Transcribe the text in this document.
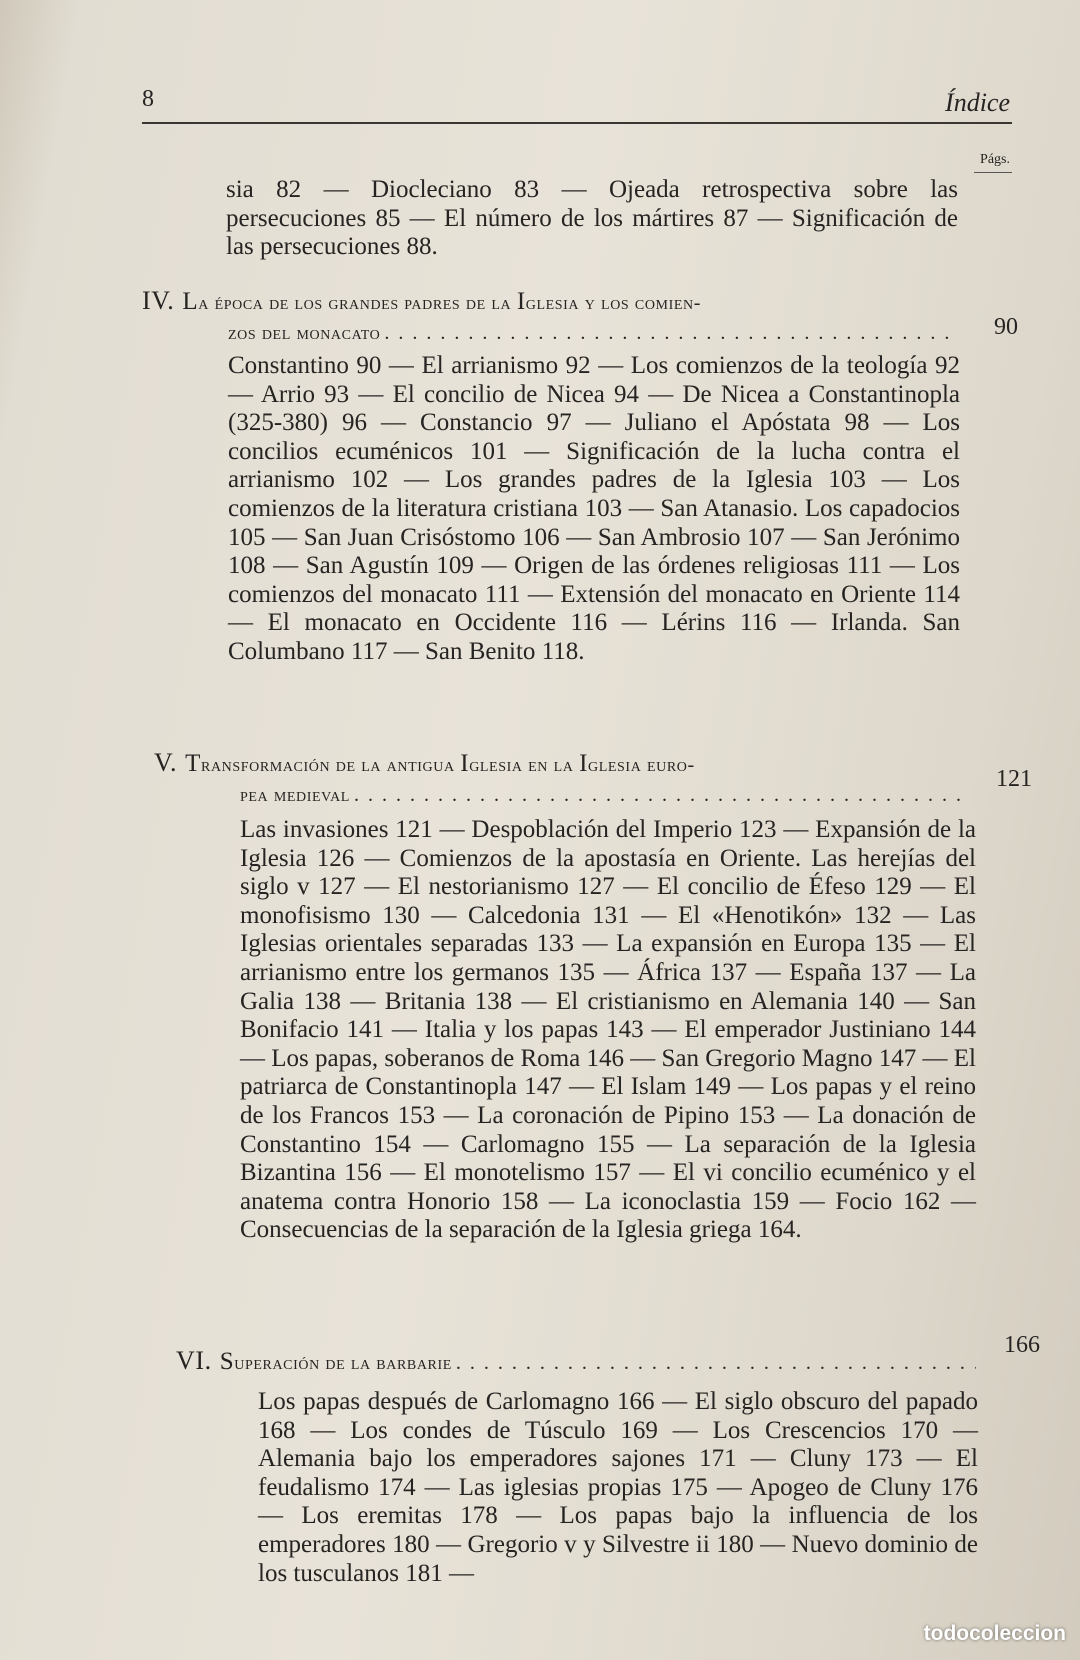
8	Índice
Págs.
sia 82 — Diocleciano 83 — Ojeada retrospectiva sobre las persecuciones 85 — El número de los mártires 87 — Significación de las persecuciones 88.
IV. La época de los grandes padres de la Iglesia y los comien-
zos del monacato
. . .	90
Constantino 90 — El arrianismo 92 — Los comienzos de la teología 92 — Arrio 93 — El concilio de Nicea 94 — De Nicea a Constantinopla (325-380) 96 — Constancio 97 — Juliano el Apóstata 98 — Los concilios ecuménicos 101 — Significación de la lucha contra el arrianismo 102 — Los grandes padres de la Iglesia 103 — Los comienzos de la literatura cristiana 103 — San Atanasio. Los capadocios 105 — San Juan Crisóstomo 106 — San Ambrosio 107 — San Jerónimo 108 — San Agustín 109 — Origen de las órdenes religiosas 111 — Los comienzos del monacato 111 — Extensión del monacato en Oriente 114 — El monacato en Occidente 116 — Lérins 116 — Irlanda. San Columbano 117 — San Benito 118.
V. Transformación de la antigua Iglesia en la Iglesia euro-
pea medieval
. . .
121
Las invasiones 121 — Despoblación del Imperio 123 — Expansión de la Iglesia 126 — Comienzos de la apostasía en Oriente. Las herejías del siglo v 127 — El nestorianismo 127 — El concilio de Éfeso 129 — El monofisismo 130 — Calcedonia 131 — El «Henotikón» 132 — Las Iglesias orientales separadas 133 — La expansión en Europa 135 — El arrianismo entre los germanos 135 — África 137 — España 137 — La Galia 138 — Britania 138 — El cristianismo en Alemania 140 — San Bonifacio 141 — Italia y los papas 143 — El emperador Justiniano 144 — Los papas, soberanos de Roma 146 — San Gregorio Magno 147 — El patriarca de Constantinopla 147 — El Islam 149 — Los papas y el reino de los Francos 153 — La coronación de Pipino 153 — La donación de Constantino 154 — Carlomagno 155 — La separación de la Iglesia Bizantina 156 — El monotelismo 157 — El vi concilio ecuménico y el anatema contra Honorio 158 — La iconoclastia 159 — Focio 162 — Consecuencias de la separación de la Iglesia griega 164.
VI. Superación de la barbarie
. . .
166
Los papas después de Carlomagno 166 — El siglo obscuro del papado 168 — Los condes de Túsculo 169 — Los Crescencios 170 — Alemania bajo los emperadores sajones 171 — Cluny 173 — El feudalismo 174 — Las iglesias propias 175 — Apogeo de Cluny 176 — Los eremitas 178 — Los papas bajo la influencia de los emperadores 180 — Gregorio v y Silvestre ii 180 — Nuevo dominio de los tusculanos 181 —
todocoleccion
